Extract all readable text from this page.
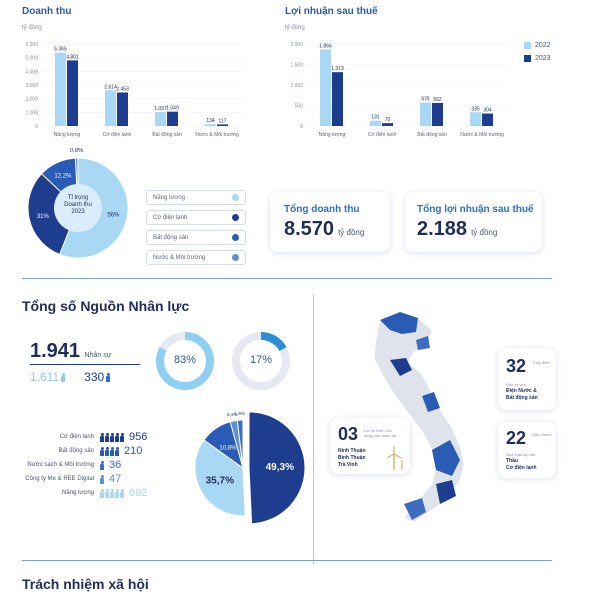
Doanh thu
tỷ đồng
6.000
5.000
4.000
3.000
2.000
1.000
0
5.365
4.801
Năng lượng
2.614 2.453
Cơ điện lạnh
1.037 1.049
Bất động sản
134 117
Nước & Môi trường
Lợi nhuận sau thuế
tỷ đồng
2.000
1.500
1.000
500
0
1.866
1.313
Năng lượng
131 70
Cơ điện lạnh
575 562
Bất động sản
335 304
Nước & Môi trường
2022
2023
56%
31%
12,2%
0,8%
Tỉ trọng
Doanh thu
2023
Năng lượng
Cơ điện lạnh
Bất động sản
Nước & Môi trường
Tổng doanh thu
8.570 tỷ đồng
Tổng lợi nhuận sau thuế
2.188 tỷ đồng
Tổng số Nguồn Nhân lực
1.941 Nhân sự
1.611 330
83%	17%
Cơ điện lạnh	956
Bất động sản	210
Nước sạch & Môi trường 36
Công ty Me & REE Digital 47
Năng lượng	692
49,3%
35,7%
10,8%
2,4%
1,9%
32 Thủy điện
Đầu tư vào
Điện Nước &
Bất động sản
22 Giao thành
Nhà thầu lập đặt
Thầu
Cơ điện lạnh
03 Dự án Điện Gió
đang vận hành tại
Ninh Thuận
Bình Thuận
Trà Vinh
Trách nhiệm xã hội
